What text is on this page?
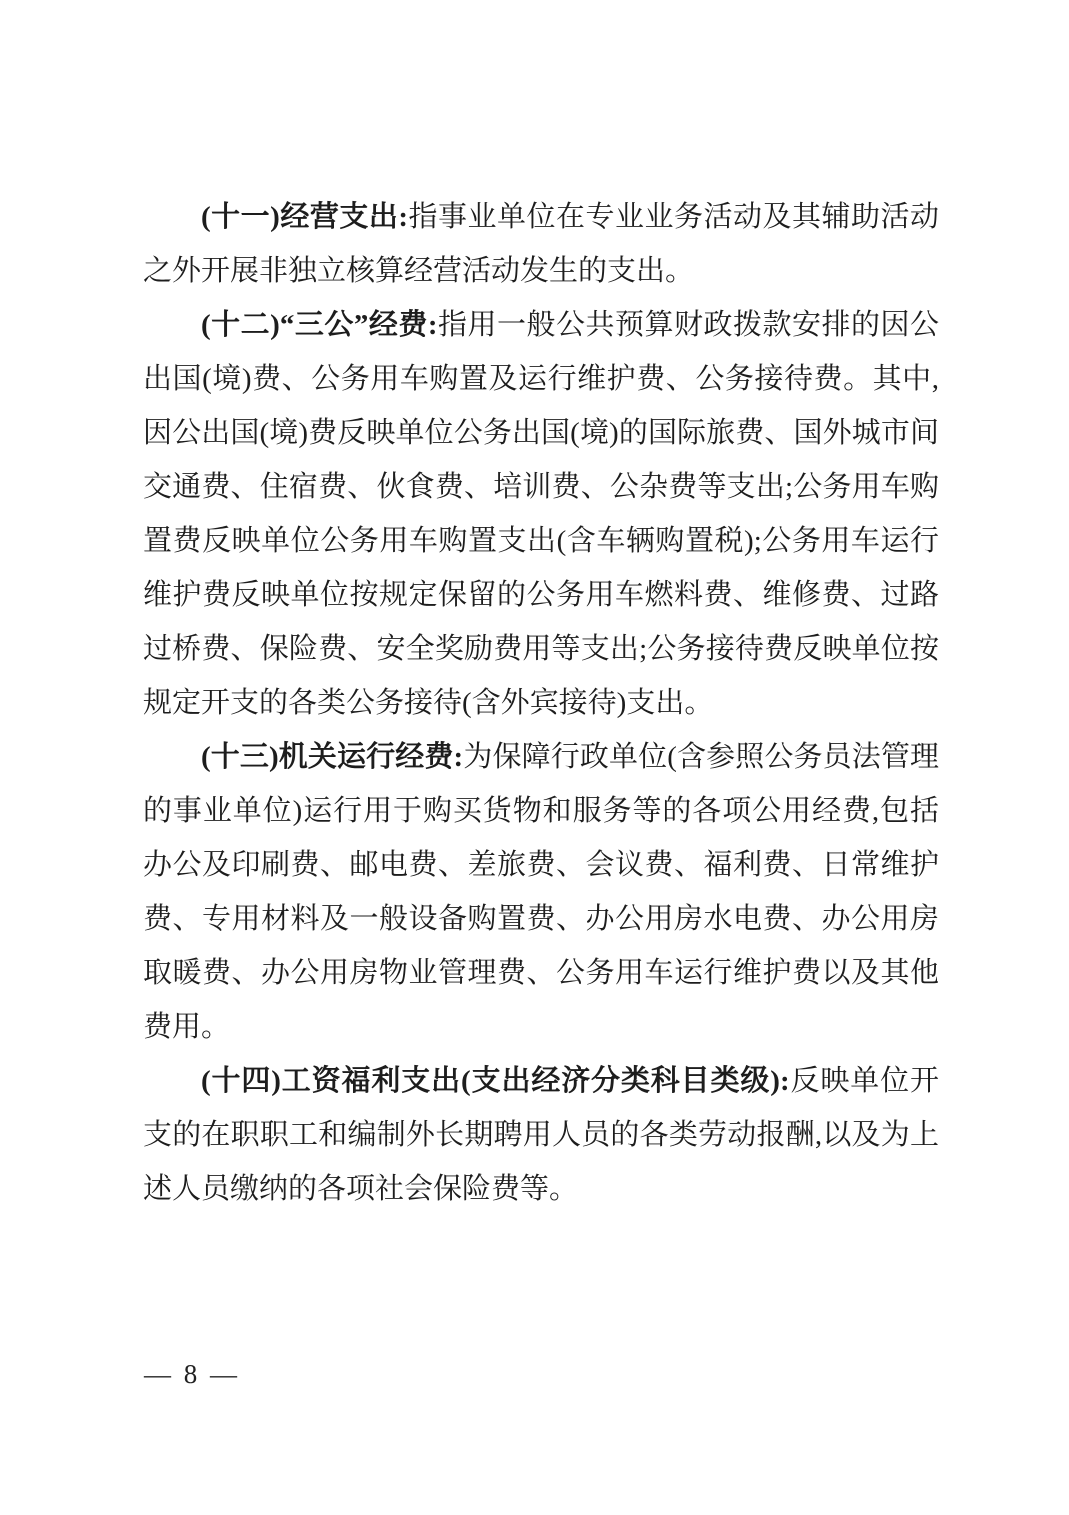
(十一)经营支出:指事业单位在专业业务活动及其辅助活动之外开展非独立核算经营活动发生的支出。

(十二)“三公”经费:指用一般公共预算财政拨款安排的因公出国(境)费、公务用车购置及运行维护费、公务接待费。其中,因公出国(境)费反映单位公务出国(境)的国际旅费、国外城市间交通费、住宿费、伙食费、培训费、公杂费等支出;公务用车购置费反映单位公务用车购置支出(含车辆购置税);公务用车运行维护费反映单位按规定保留的公务用车燃料费、维修费、过路过桥费、保险费、安全奖励费用等支出;公务接待费反映单位按规定开支的各类公务接待(含外宾接待)支出。

(十三)机关运行经费:为保障行政单位(含参照公务员法管理的事业单位)运行用于购买货物和服务等的各项公用经费,包括办公及印刷费、邮电费、差旅费、会议费、福利费、日常维护费、专用材料及一般设备购置费、办公用房水电费、办公用房取暖费、办公用房物业管理费、公务用车运行维护费以及其他费用。

(十四)工资福利支出(支出经济分类科目类级):反映单位开支的在职职工和编制外长期聘用人员的各类劳动报酬,以及为上述人员缴纳的各项社会保险费等。

— 8 —
